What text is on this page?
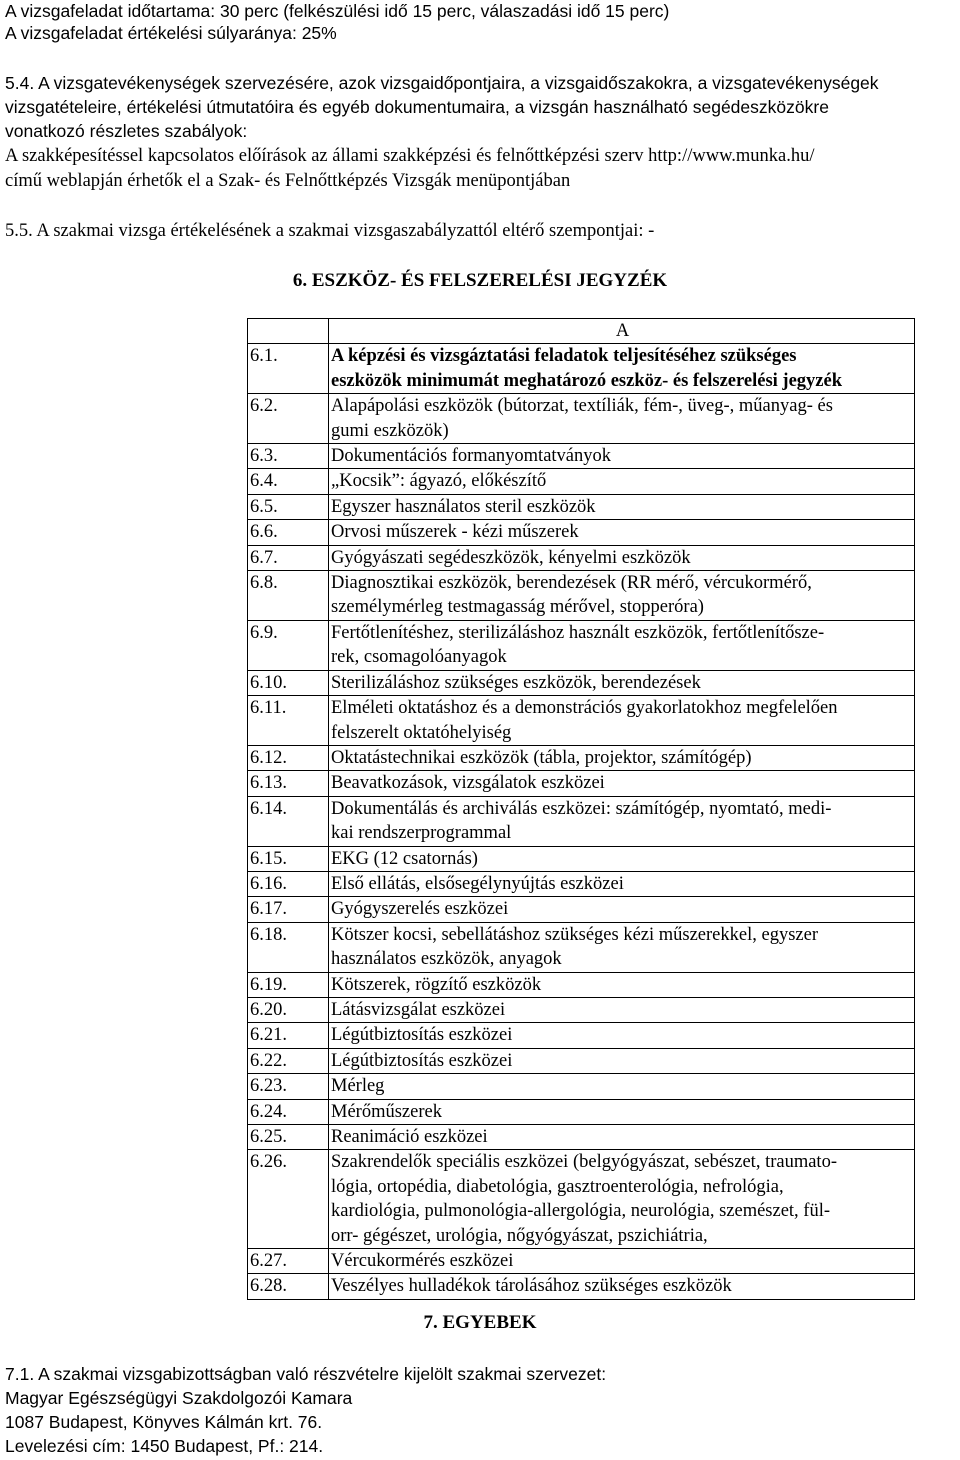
A vizsgafeladat időtartama: 30 perc (felkészülési idő 15 perc, válaszadási idő 15 perc)
A vizsgafeladat értékelési súlyaránya: 25%
5.4. A vizsgatevékenységek szervezésére, azok vizsgaidőpontjaira, a vizsgaidőszakokra, a vizsgatevékenységek
vizsgatételeire, értékelési útmutatóira és egyéb dokumentumaira, a vizsgán használható segédeszközökre
vonatkozó részletes szabályok:
A szakképesítéssel kapcsolatos előírások az állami szakképzési és felnőttképzési szerv http://www.munka.hu/
című weblapján érhetők el a Szak- és Felnőttképzés Vizsgák menüpontjában
5.5. A szakmai vizsga értékelésének a szakmai vizsgaszabályzattól eltérő szempontjai: -
6. ESZKÖZ- ÉS FELSZERELÉSI JEGYZÉK
	A
6.1.	A képzési és vizsgáztatási feladatok teljesítéséhez szükséges
eszközök minimumát meghatározó eszköz- és felszerelési jegyzék

6.2.	Alapápolási eszközök (bútorzat, textíliák, fém-, üveg-, műanyag- és
gumi eszközök)

6.3.	Dokumentációs formanyomtatványok

6.4.	„Kocsik”: ágyazó, előkészítő

6.5.	Egyszer használatos steril eszközök

6.6.	Orvosi műszerek - kézi műszerek

6.7.	Gyógyászati segédeszközök, kényelmi eszközök

6.8.	Diagnosztikai eszközök, berendezések (RR mérő, vércukormérő,
személymérleg testmagasság mérővel, stopperóra)

6.9.	Fertőtlenítéshez, sterilizáláshoz használt eszközök, fertőtlenítősze-
rek, csomagolóanyagok

6.10.	Sterilizáláshoz szükséges eszközök, berendezések

6.11.	Elméleti oktatáshoz és a demonstrációs gyakorlatokhoz megfelelően
felszerelt oktatóhelyiség

6.12.	Oktatástechnikai eszközök (tábla, projektor, számítógép)

6.13.	Beavatkozások, vizsgálatok eszközei

6.14.	Dokumentálás és archiválás eszközei: számítógép, nyomtató, medi-
kai rendszerprogrammal

6.15.	EKG (12 csatornás)

6.16.	Első ellátás, elsősegélynyújtás eszközei

6.17.	Gyógyszerelés eszközei

6.18.	Kötszer kocsi, sebellátáshoz szükséges kézi műszerekkel, egyszer
használatos eszközök, anyagok

6.19.	Kötszerek, rögzítő eszközök

6.20.	Látásvizsgálat eszközei

6.21.	Légútbiztosítás eszközei

6.22.	Légútbiztosítás eszközei

6.23.	Mérleg

6.24.	Mérőműszerek

6.25.	Reanimáció eszközei

6.26.	Szakrendelők speciális eszközei (belgyógyászat, sebészet, traumato-
lógia, ortopédia, diabetológia, gasztroenterológia, nefrológia,
kardiológia, pulmonológia-allergológia, neurológia, szemészet, fül-
orr- gégészet, urológia, nőgyógyászat, pszichiátria,

6.27.	Vércukormérés eszközei

6.28.	Veszélyes hulladékok tárolásához szükséges eszközök
7. EGYEBEK
7.1. A szakmai vizsgabizottságban való részvételre kijelölt szakmai szervezet:
Magyar Egészségügyi Szakdolgozói Kamara
1087 Budapest, Könyves Kálmán krt. 76.
Levelezési cím: 1450 Budapest, Pf.: 214.
